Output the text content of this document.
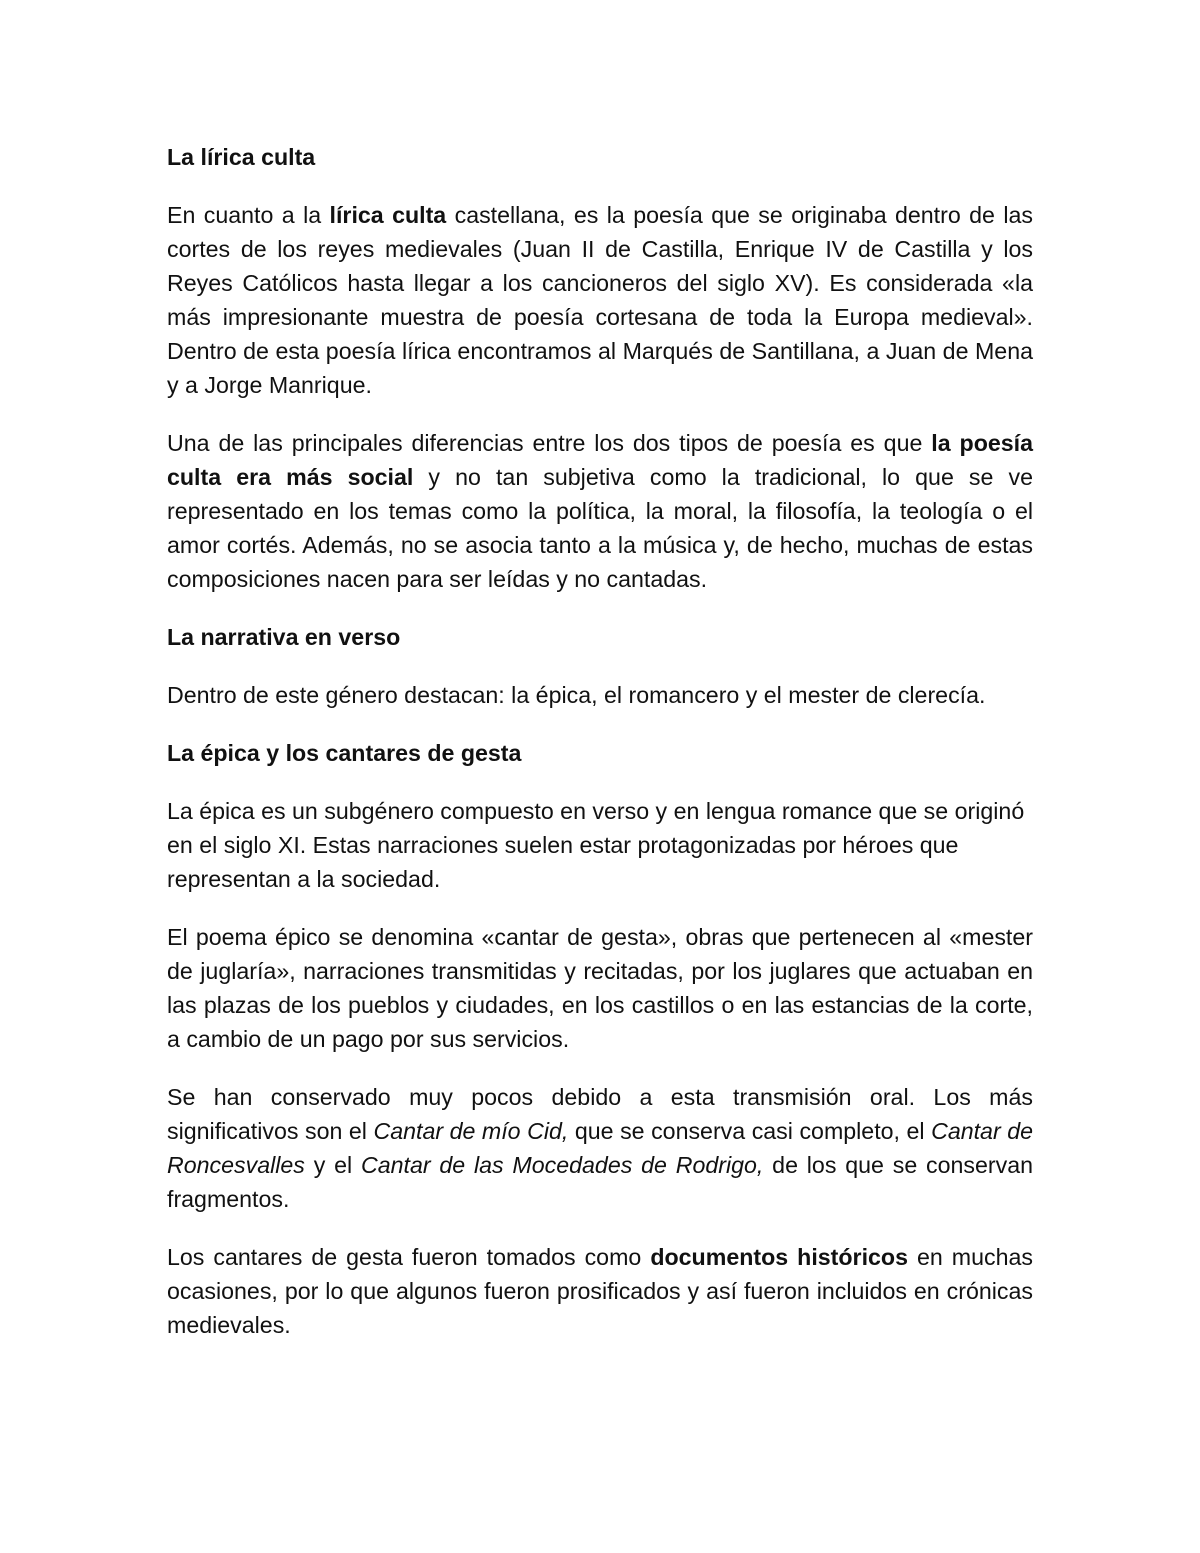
La lírica culta

En cuanto a la lírica culta castellana, es la poesía que se originaba dentro de las cortes de los reyes medievales (Juan II de Castilla, Enrique IV de Castilla y los Reyes Católicos hasta llegar a los cancioneros del siglo XV). Es considerada «la más impresionante muestra de poesía cortesana de toda la Europa medieval». Dentro de esta poesía lírica encontramos al Marqués de Santillana, a Juan de Mena y a Jorge Manrique.

Una de las principales diferencias entre los dos tipos de poesía es que la poesía culta era más social y no tan subjetiva como la tradicional, lo que se ve representado en los temas como la política, la moral, la filosofía, la teología o el amor cortés. Además, no se asocia tanto a la música y, de hecho, muchas de estas composiciones nacen para ser leídas y no cantadas.

La narrativa en verso

Dentro de este género destacan: la épica, el romancero y el mester de clerecía.

La épica y los cantares de gesta

La épica es un subgénero compuesto en verso y en lengua romance que se originó en el siglo XI. Estas narraciones suelen estar protagonizadas por héroes que representan a la sociedad.

El poema épico se denomina «cantar de gesta», obras que pertenecen al «mester de juglaría», narraciones transmitidas y recitadas, por los juglares que actuaban en las plazas de los pueblos y ciudades, en los castillos o en las estancias de la corte, a cambio de un pago por sus servicios.

Se han conservado muy pocos debido a esta transmisión oral. Los más significativos son el Cantar de mío Cid, que se conserva casi completo, el Cantar de Roncesvalles y el Cantar de las Mocedades de Rodrigo, de los que se conservan fragmentos.

Los cantares de gesta fueron tomados como documentos históricos en muchas ocasiones, por lo que algunos fueron prosificados y así fueron incluidos en crónicas medievales.
